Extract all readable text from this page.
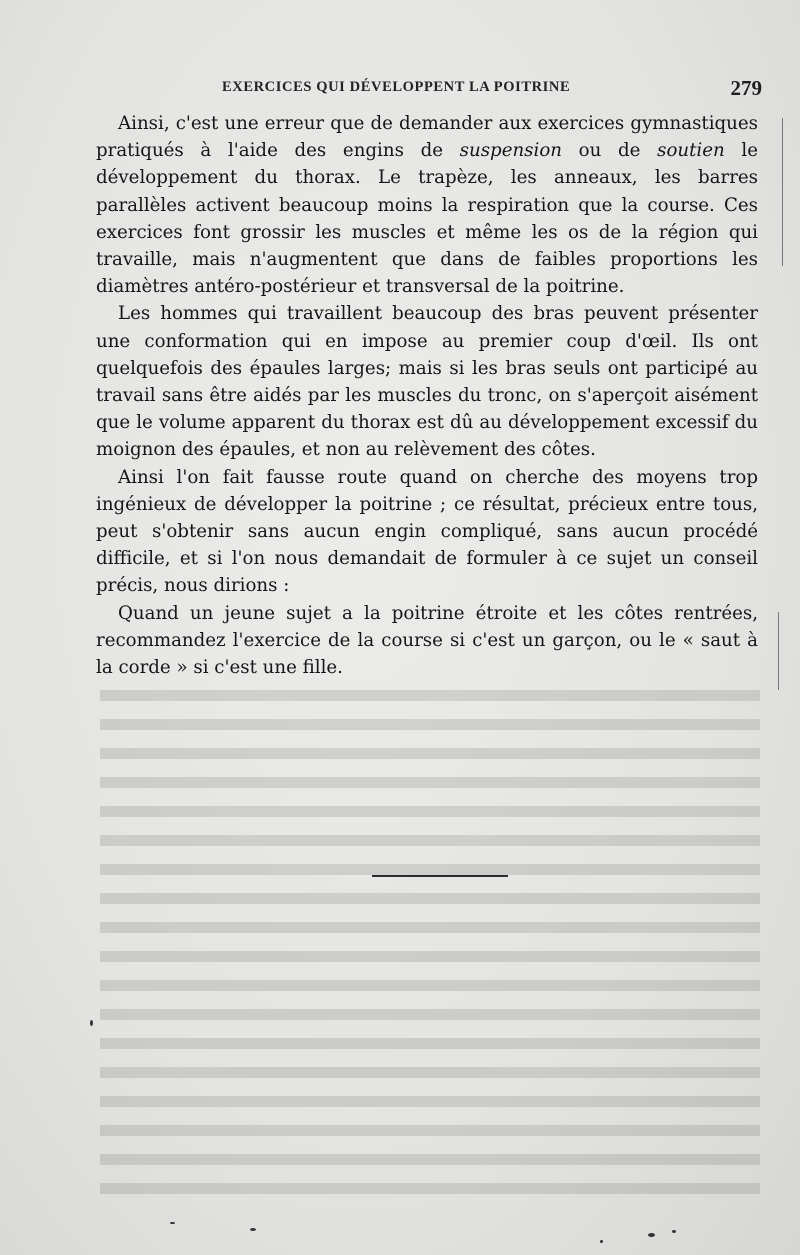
EXERCICES QUI DÉVELOPPENT LA POITRINE	279

Ainsi, c'est une erreur que de demander aux exercices gymnastiques pratiqués à l'aide des engins de suspension ou de soutien le développement du thorax. Le trapèze, les anneaux, les barres parallèles activent beaucoup moins la respiration que la course. Ces exercices font grossir les muscles et même les os de la région qui travaille, mais n'augmentent que dans de faibles proportions les diamètres antéro-postérieur et transversal de la poitrine.

Les hommes qui travaillent beaucoup des bras peuvent présenter une conformation qui en impose au premier coup d'œil. Ils ont quelquefois des épaules larges; mais si les bras seuls ont participé au travail sans être aidés par les muscles du tronc, on s'aperçoit aisément que le volume apparent du thorax est dû au développement excessif du moignon des épaules, et non au relèvement des côtes.

Ainsi l'on fait fausse route quand on cherche des moyens trop ingénieux de développer la poitrine ; ce résultat, précieux entre tous, peut s'obtenir sans aucun engin compliqué, sans aucun procédé difficile, et si l'on nous demandait de formuler à ce sujet un conseil précis, nous dirions :

Quand un jeune sujet a la poitrine étroite et les côtes rentrées, recommandez l'exercice de la course si c'est un garçon, ou le « saut à la corde » si c'est une fille.
